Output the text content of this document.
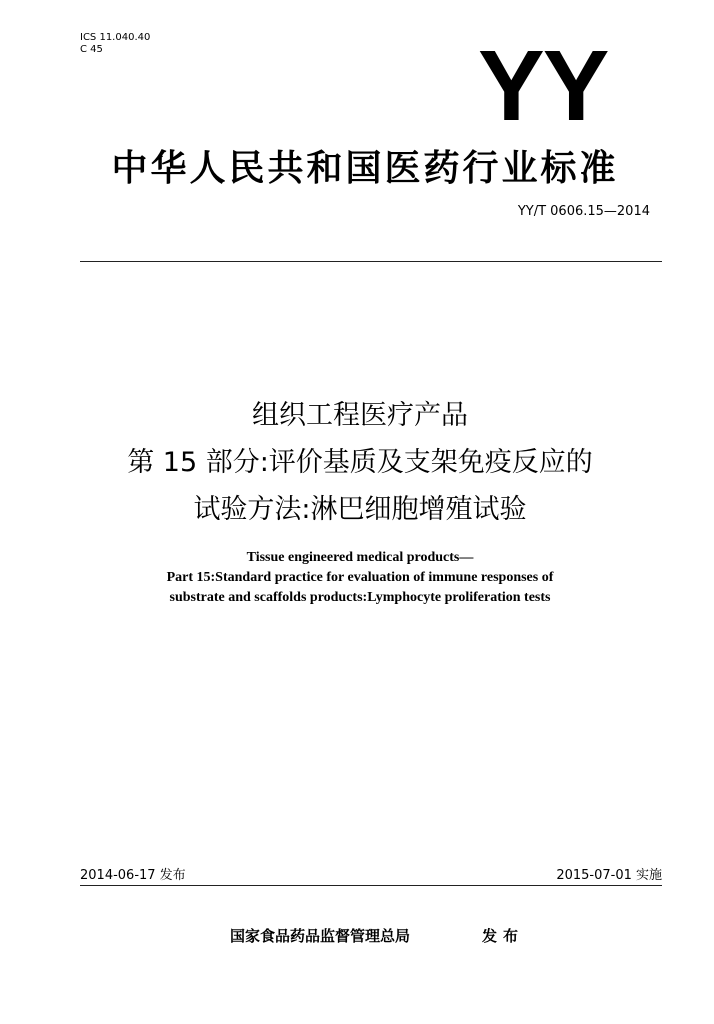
ICS 11.040.40
C 45	YY
中华人民共和国医药行业标准
YY/T 0606.15—2014
组织工程医疗产品
第 15 部分:评价基质及支架免疫反应的
试验方法:淋巴细胞增殖试验
Tissue engineered medical products—
Part 15:Standard practice for evaluation of immune responses of
substrate and scaffolds products:Lymphocyte proliferation tests
2014-06-17 发布	2015-07-01 实施
国家食品药品监督管理总局	发布
